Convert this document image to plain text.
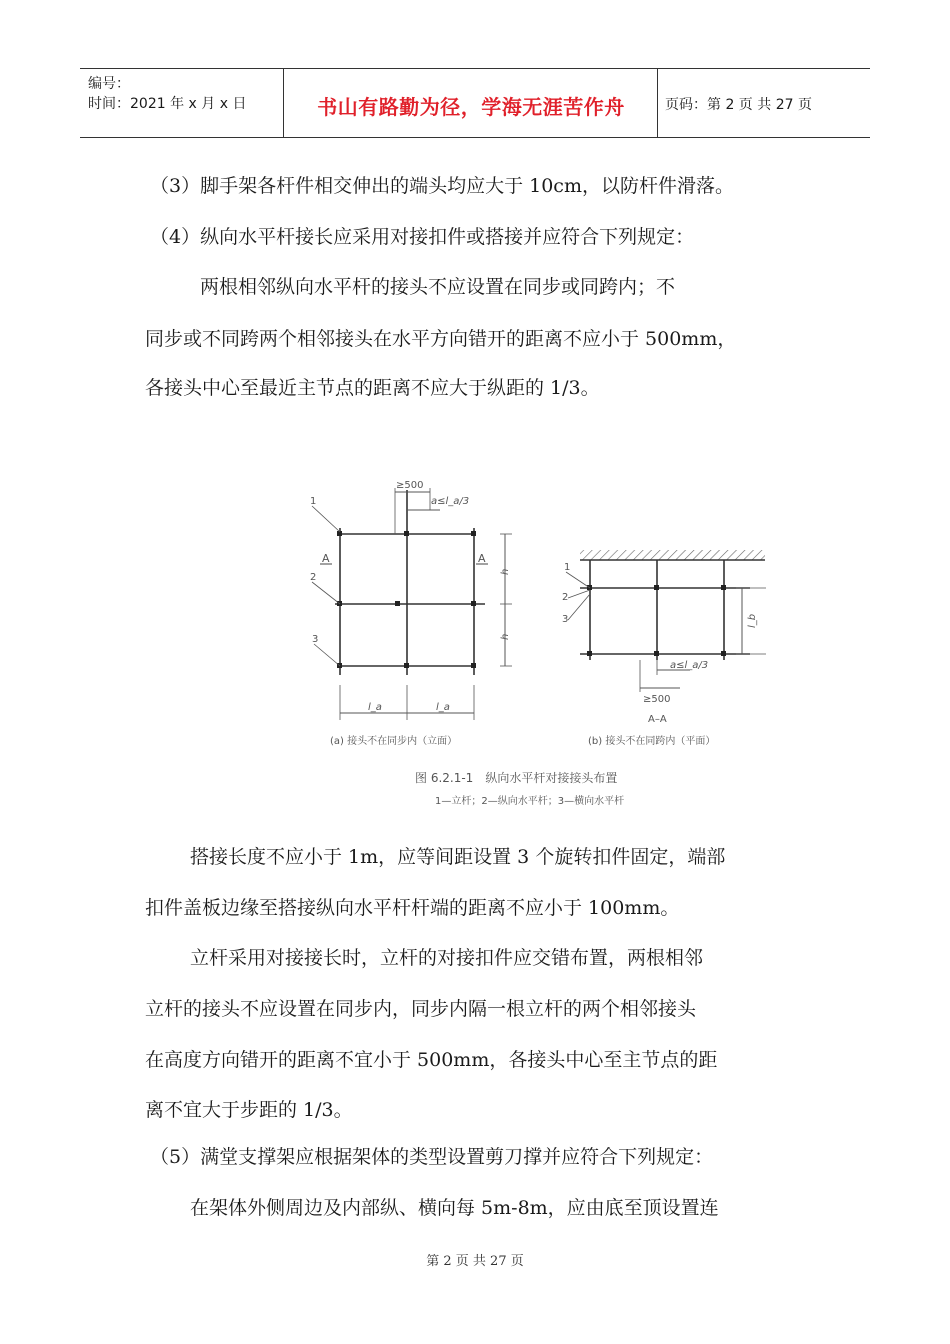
编号：
时间：2021 年 x 月 x 日	书山有路勤为径，学海无涯苦作舟	页码：第 2 页 共 27 页

（3）脚手架各杆件相交伸出的端头均应大于 10cm，以防杆件滑落。

（4）纵向水平杆接长应采用对接扣件或搭接并应符合下列规定：

两根相邻纵向水平杆的接头不应设置在同步或同跨内；不

同步或不同跨两个相邻接头在水平方向错开的距离不应小于 500mm，

各接头中心至最近主节点的距离不应大于纵距的 1/3。

≥500
a≤l_a/3
h
h
l_a	l_a
A	A
1
2
3
(a) 接头不在同步内（立面）
l_b
a≤l_a/3
≥500
1
2
3
A–A
(b) 接头不在同跨内（平面）
图 6.2.1-1　纵向水平杆对接接头布置
1—立杆；2—纵向水平杆；3—横向水平杆

搭接长度不应小于 1m，应等间距设置 3 个旋转扣件固定，端部

扣件盖板边缘至搭接纵向水平杆杆端的距离不应小于 100mm。

立杆采用对接接长时，立杆的对接扣件应交错布置，两根相邻

立杆的接头不应设置在同步内，同步内隔一根立杆的两个相邻接头

在高度方向错开的距离不宜小于 500mm，各接头中心至主节点的距

离不宜大于步距的 1/3。

（5）满堂支撑架应根据架体的类型设置剪刀撑并应符合下列规定：

在架体外侧周边及内部纵、横向每 5m-8m，应由底至顶设置连

第 2 页 共 27 页
